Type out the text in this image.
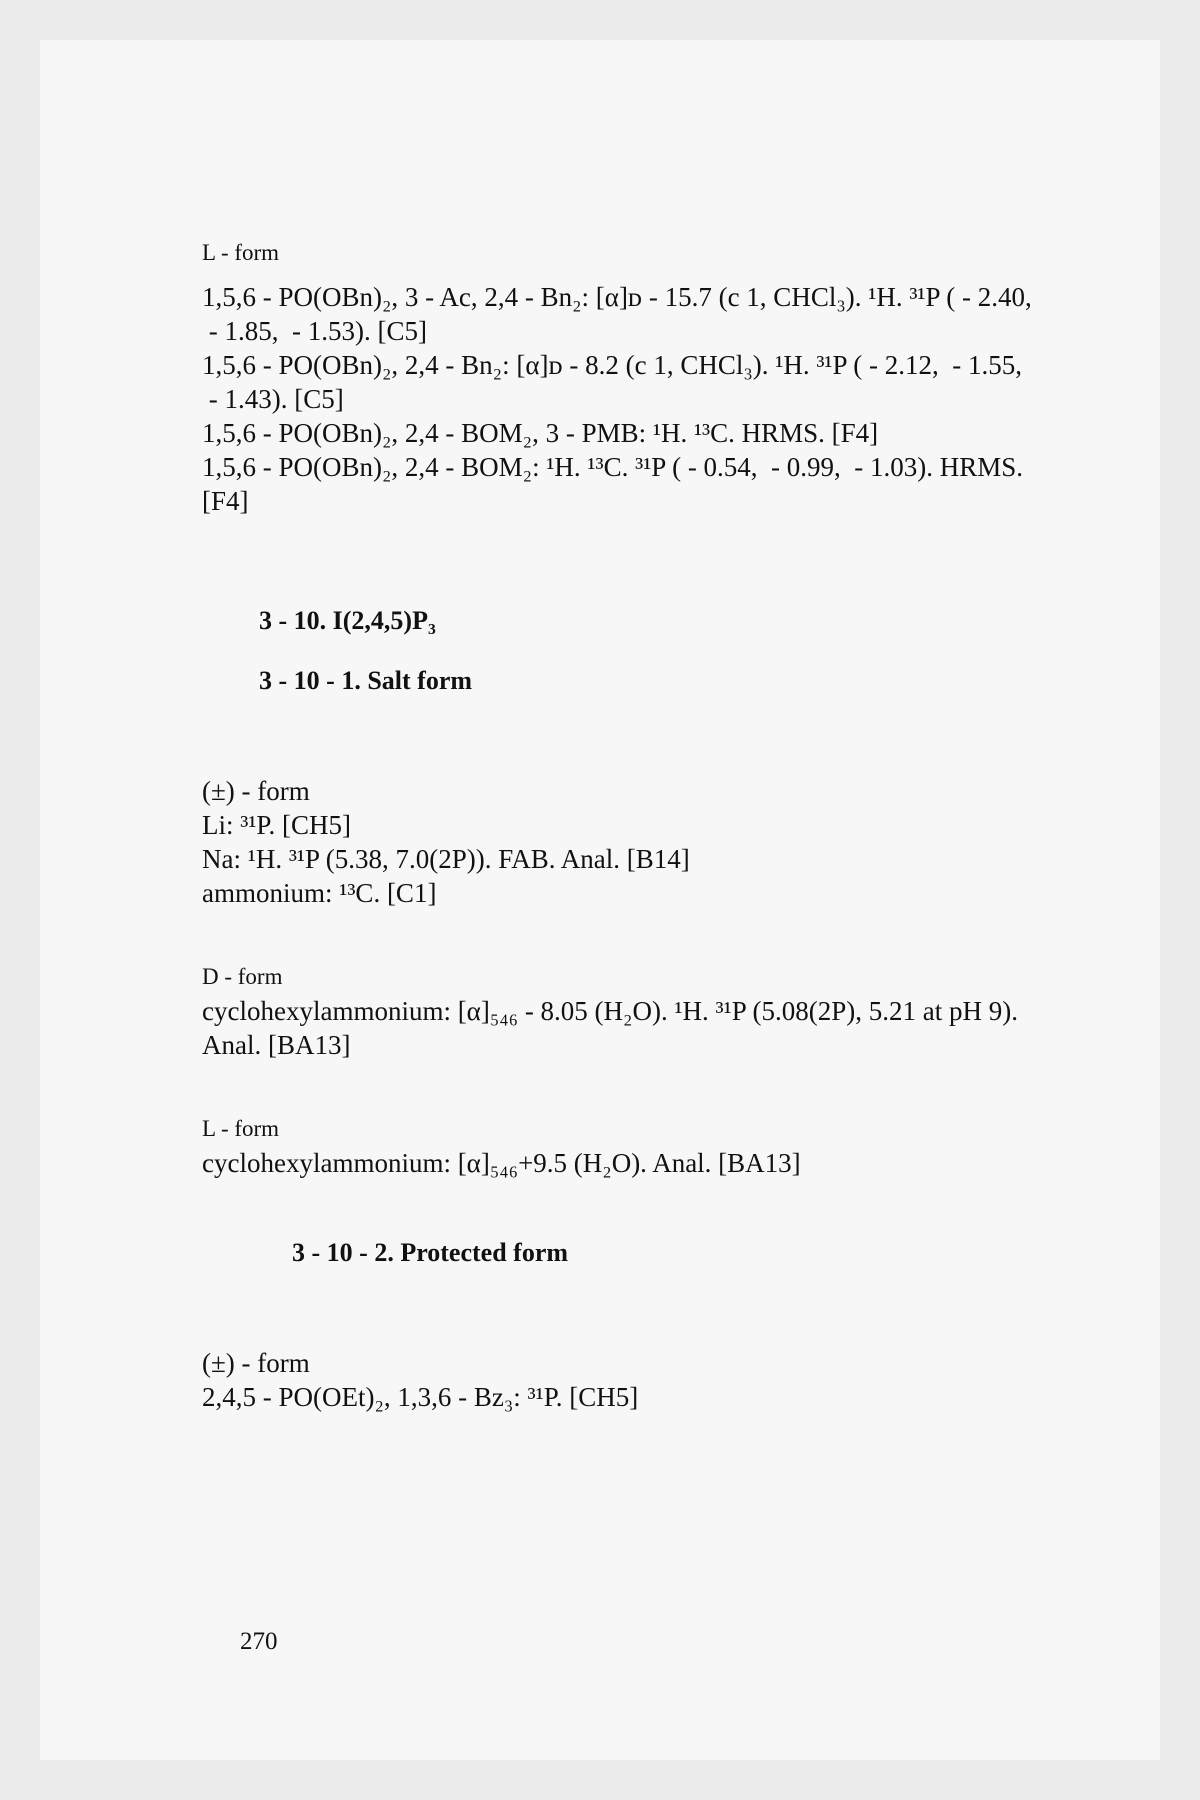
L - form

1,5,6 - PO(OBn)₂, 3 - Ac, 2,4 - Bn₂: [α]ᴅ - 15.7 (c 1, CHCl₃). ¹H. ³¹P ( - 2.40,

- 1.85,  - 1.53). [C5]

1,5,6 - PO(OBn)₂, 2,4 - Bn₂: [α]ᴅ - 8.2 (c 1, CHCl₃). ¹H. ³¹P ( - 2.12,  - 1.55,

- 1.43). [C5]

1,5,6 - PO(OBn)₂, 2,4 - BOM₂, 3 - PMB: ¹H. ¹³C. HRMS. [F4]

1,5,6 - PO(OBn)₂, 2,4 - BOM₂: ¹H. ¹³C. ³¹P ( - 0.54,  - 0.99,  - 1.03). HRMS.

[F4]

3 - 10. I(2,4,5)P₃

3 - 10 - 1. Salt form

(±) - form

Li: ³¹P. [CH5]

Na: ¹H. ³¹P (5.38, 7.0(2P)). FAB. Anal. [B14]

ammonium: ¹³C. [C1]

D - form

cyclohexylammonium: [α]₅₄₆ - 8.05 (H₂O). ¹H. ³¹P (5.08(2P), 5.21 at pH 9).

Anal. [BA13]

L - form

cyclohexylammonium: [α]₅₄₆+9.5 (H₂O). Anal. [BA13]

3 - 10 - 2. Protected form

(±) - form

2,4,5 - PO(OEt)₂, 1,3,6 - Bz₃: ³¹P. [CH5]

270
